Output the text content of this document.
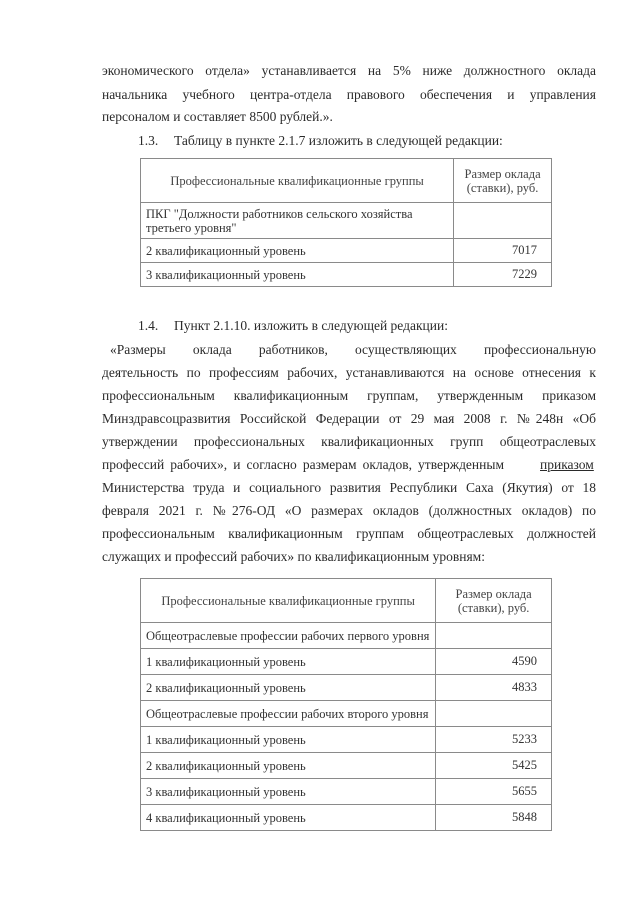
экономического отдела» устанавливается на 5% ниже должностного оклада
начальника учебного центра-отдела правового обеспечения и управления
персоналом и составляет 8500 рублей.».
1.3. Таблицу в пункте 2.1.7 изложить в следующей редакции:
Профессиональные квалификационные группы	Размер оклада (ставки), руб.
ПКГ "Должности работников сельского хозяйства третьего уровня"	
2 квалификационный уровень	7017
3 квалификационный уровень	7229
1.4. Пункт 2.1.10. изложить в следующей редакции:
«Размеры оклада работников, осуществляющих профессиональную
деятельность по профессиям рабочих, устанавливаются на основе отнесения к
профессиональным квалификационным группам, утвержденным приказом
Минздравсоцразвития Российской Федерации от 29 мая 2008 г. №248н «Об
утверждении профессиональных квалификационных групп общеотраслевых
профессий рабочих», и согласно размерам окладов, утвержденным	приказом
Министерства труда и социального развития Республики Саха (Якутия) от 18
февраля 2021 г. №276-ОД «О размерах окладов (должностных окладов) по
профессиональным квалификационным группам общеотраслевых должностей
служащих и профессий рабочих» по квалификационным уровням:
Профессиональные квалификационные группы	Размер оклада (ставки), руб.
Общеотраслевые профессии рабочих первого уровня	
1 квалификационный уровень	4590
2 квалификационный уровень	4833
Общеотраслевые профессии рабочих второго уровня	
1 квалификационный уровень	5233
2 квалификационный уровень	5425
3 квалификационный уровень	5655
4 квалификационный уровень	5848
